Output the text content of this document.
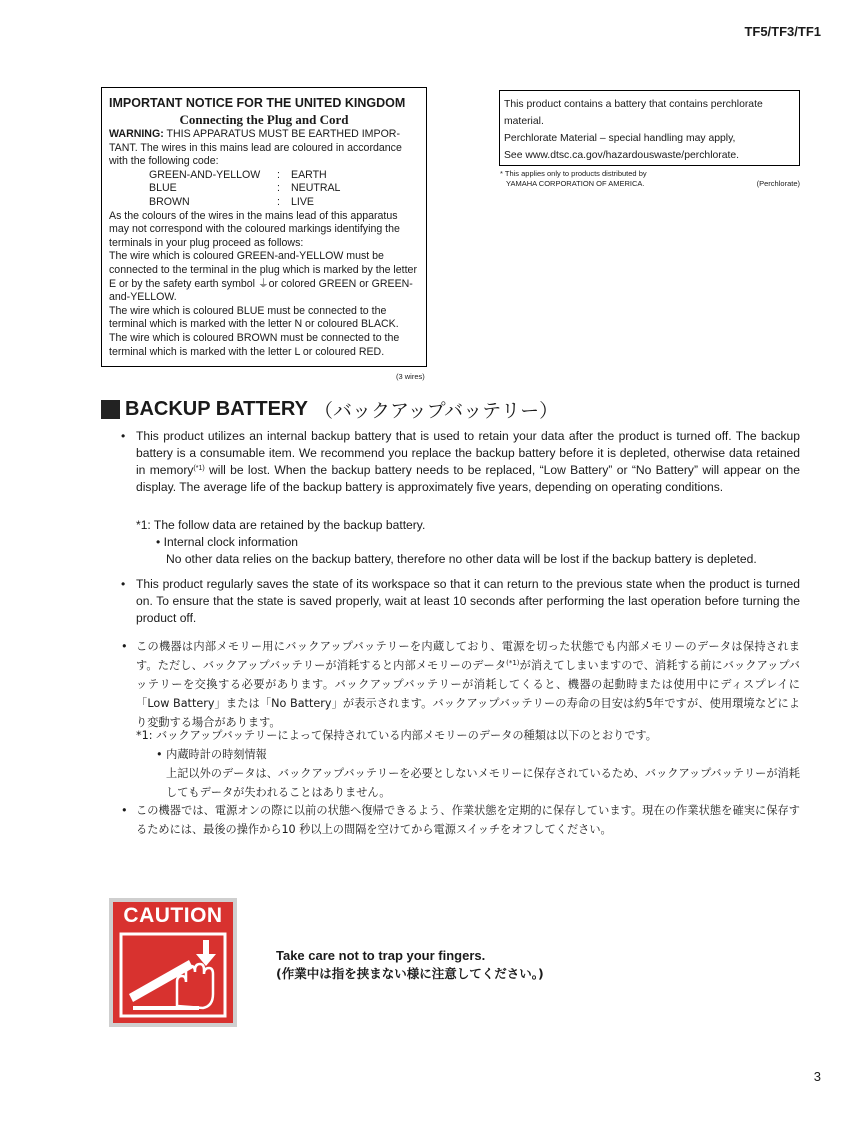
TF5/TF3/TF1
IMPORTANT NOTICE FOR THE UNITED KINGDOM
Connecting the Plug and Cord

WARNING: THIS APPARATUS MUST BE EARTHED IMPOR-TANT. The wires in this mains lead are coloured in accordance with the following code:

GREEN-AND-YELLOW	:	EARTH
BLUE	:	NEUTRAL
BROWN	:	LIVE

As the colours of the wires in the mains lead of this apparatus may not correspond with the coloured markings identifying the terminals in your plug proceed as follows:

The wire which is coloured GREEN-and-YELLOW must be connected to the terminal in the plug which is marked by the letter E or by the safety earth symbol ⏚or colored GREEN or GREEN-and-YELLOW.

The wire which is coloured BLUE must be connected to the terminal which is marked with the letter N or coloured BLACK.

The wire which is coloured BROWN must be connected to the terminal which is marked with the letter L or coloured RED.

(3 wires)
This product contains a battery that contains perchlorate material.
Perchlorate Material – special handling may apply,
See www.dtsc.ca.gov/hazardouswaste/perchlorate.
* This applies only to products distributed by
YAMAHA CORPORATION OF AMERICA.	(Perchlorate)
BACKUP BATTERY （バックアップバッテリー）
• This product utilizes an internal backup battery that is used to retain your data after the product is turned off. The backup battery is a consumable item. We recommend you replace the backup battery before it is depleted, otherwise data retained in memory$^{(*1)}$ will be lost. When the backup battery needs to be replaced, “Low Battery” or “No Battery” will appear on the display. The average life of the backup battery is approximately five years, depending on operating conditions.
*1: The follow data are retained by the backup battery.
• Internal clock information
No other data relies on the backup battery, therefore no other data will be lost if the backup battery is depleted.
• This product regularly saves the state of its workspace so that it can return to the previous state when the product is turned on. To ensure that the state is saved properly, wait at least 10 seconds after performing the last operation before turning the product off.
• この機器は内部メモリー用にバックアップバッテリーを内蔵しており、電源を切った状態でも内部メモリーのデータは保持されます。ただし、バックアップバッテリーが消耗すると内部メモリーのデータ$^{(*1)}$が消えてしまいますので、消耗する前にバックアップバッテリーを交換する必要があります。バックアップバッテリーが消耗してくると、機器の起動時または使用中にディスプレイに「Low Battery」または「No Battery」が表示されます。バックアップバッテリーの寿命の目安は約5年ですが、使用環境などにより変動する場合があります。
*1: バックアップバッテリーによって保持されている内部メモリーのデータの種類は以下のとおりです。
• 内蔵時計の時刻情報
上記以外のデータは、バックアップバッテリーを必要としないメモリーに保存されているため、バックアップバッテリーが消耗してもデータが失われることはありません。
• この機器では、電源オンの際に以前の状態へ復帰できるよう、作業状態を定期的に保存しています。現在の作業状態を確実に保存するためには、最後の操作から10 秒以上の間隔を空けてから電源スイッチをオフしてください。
CAUTION
Take care not to trap your fingers.
(作業中は指を挟まない様に注意してください。)
3
